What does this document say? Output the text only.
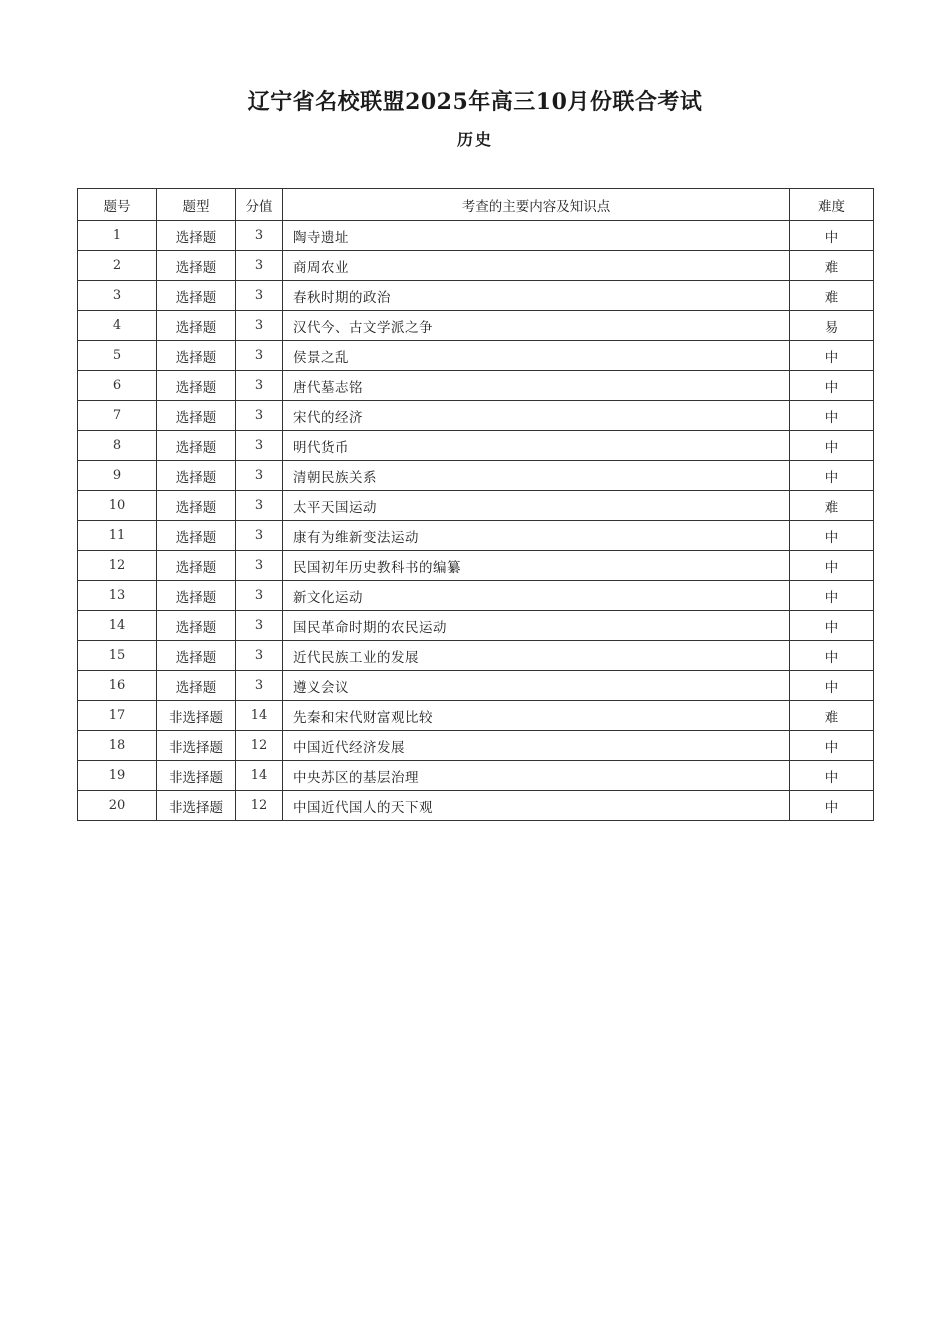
辽宁省名校联盟2025年高三10月份联合考试
历史
题号	题型	分值	考查的主要内容及知识点	难度
1	选择题	3	陶寺遗址	中
2	选择题	3	商周农业	难
3	选择题	3	春秋时期的政治	难
4	选择题	3	汉代今、古文学派之争	易
5	选择题	3	侯景之乱	中
6	选择题	3	唐代墓志铭	中
7	选择题	3	宋代的经济	中
8	选择题	3	明代货币	中
9	选择题	3	清朝民族关系	中
10	选择题	3	太平天国运动	难
11	选择题	3	康有为维新变法运动	中
12	选择题	3	民国初年历史教科书的编纂	中
13	选择题	3	新文化运动	中
14	选择题	3	国民革命时期的农民运动	中
15	选择题	3	近代民族工业的发展	中
16	选择题	3	遵义会议	中
17	非选择题	14	先秦和宋代财富观比较	难
18	非选择题	12	中国近代经济发展	中
19	非选择题	14	中央苏区的基层治理	中
20	非选择题	12	中国近代国人的天下观	中
